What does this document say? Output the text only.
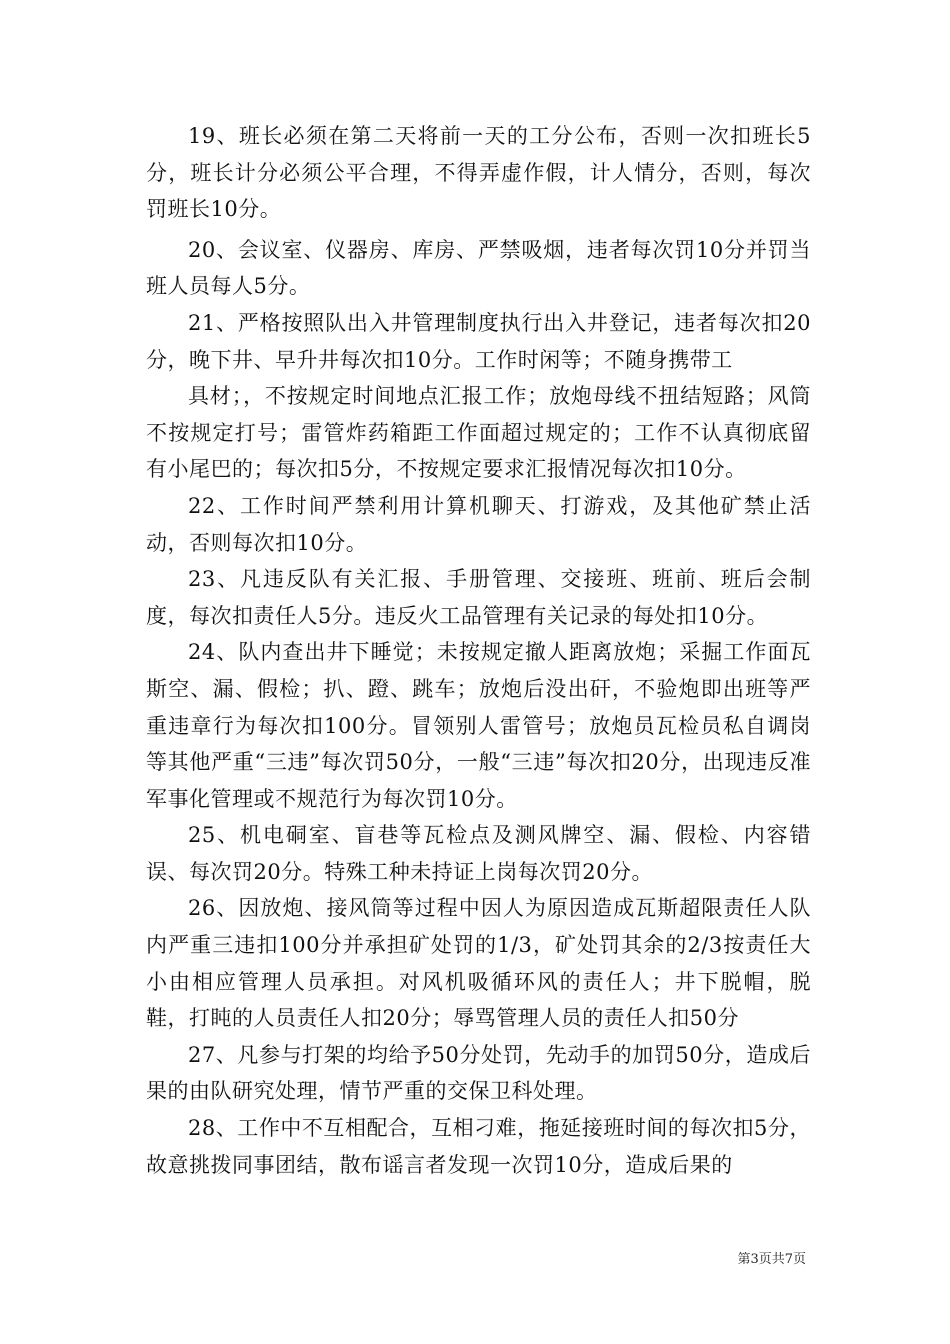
19、班长必须在第二天将前一天的工分公布，否则一次扣班长5分，班长计分必须公平合理，不得弄虚作假，计人情分，否则，每次罚班长10分。

20、会议室、仪器房、库房、严禁吸烟，违者每次罚10分并罚当班人员每人5分。

21、严格按照队出入井管理制度执行出入井登记，违者每次扣20分，晚下井、早升井每次扣10分。工作时闲等；不随身携带工

具材；，不按规定时间地点汇报工作；放炮母线不扭结短路；风筒不按规定打号；雷管炸药箱距工作面超过规定的；工作不认真彻底留有小尾巴的；每次扣5分，不按规定要求汇报情况每次扣10分。

22、工作时间严禁利用计算机聊天、打游戏，及其他矿禁止活动，否则每次扣10分。

23、凡违反队有关汇报、手册管理、交接班、班前、班后会制度，每次扣责任人5分。违反火工品管理有关记录的每处扣10分。

24、队内查出井下睡觉；未按规定撤人距离放炮；采掘工作面瓦斯空、漏、假检；扒、蹬、跳车；放炮后没出矸，不验炮即出班等严重违章行为每次扣100分。冒领别人雷管号；放炮员瓦检员私自调岗等其他严重“三违”每次罚50分，一般“三违”每次扣20分，出现违反准军事化管理或不规范行为每次罚10分。

25、机电硐室、盲巷等瓦检点及测风牌空、漏、假检、内容错误、每次罚20分。特殊工种未持证上岗每次罚20分。

26、因放炮、接风筒等过程中因人为原因造成瓦斯超限责任人队内严重三违扣100分并承担矿处罚的1/3，矿处罚其余的2/3按责任大小由相应管理人员承担。对风机吸循环风的责任人；井下脱帽，脱鞋，打盹的人员责任人扣20分；辱骂管理人员的责任人扣50分

27、凡参与打架的均给予50分处罚，先动手的加罚50分，造成后果的由队研究处理，情节严重的交保卫科处理。

28、工作中不互相配合，互相刁难，拖延接班时间的每次扣5分，故意挑拨同事团结，散布谣言者发现一次罚10分，造成后果的

第3页共7页
